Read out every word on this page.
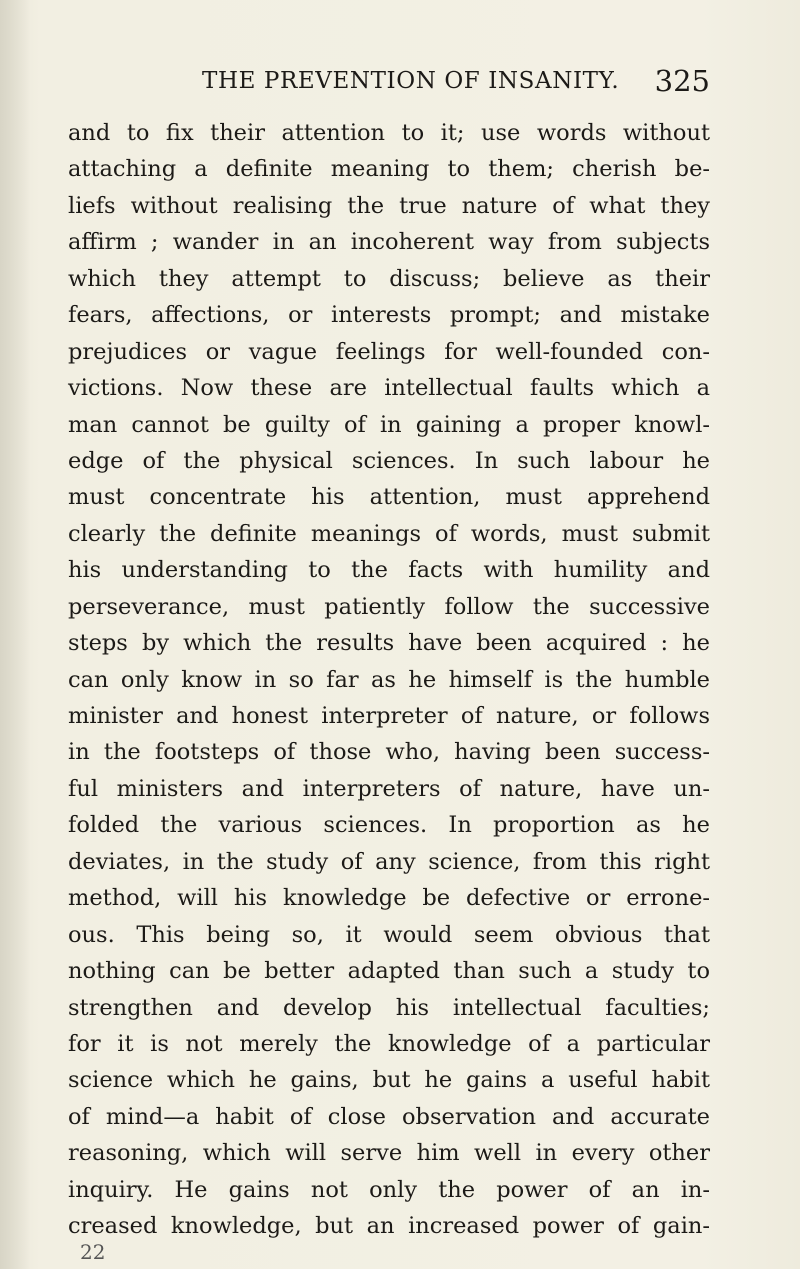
THE PREVENTION OF INSANITY. 325
and to fix their attention to it; use words without
attaching a definite meaning to them; cherish be-
liefs without realising the true nature of what they
affirm ; wander in an incoherent way from subjects
which they attempt to discuss; believe as their
fears, affections, or interests prompt; and mistake
prejudices or vague feelings for well-founded con-
victions. Now these are intellectual faults which a
man cannot be guilty of in gaining a proper knowl-
edge of the physical sciences. In such labour he
must concentrate his attention, must apprehend
clearly the definite meanings of words, must submit
his understanding to the facts with humility and
perseverance, must patiently follow the successive
steps by which the results have been acquired : he
can only know in so far as he himself is the humble
minister and honest interpreter of nature, or follows
in the footsteps of those who, having been success-
ful ministers and interpreters of nature, have un-
folded the various sciences. In proportion as he
deviates, in the study of any science, from this right
method, will his knowledge be defective or errone-
ous. This being so, it would seem obvious that
nothing can be better adapted than such a study to
strengthen and develop his intellectual faculties;
for it is not merely the knowledge of a particular
science which he gains, but he gains a useful habit
of mind—a habit of close observation and accurate
reasoning, which will serve him well in every other
inquiry. He gains not only the power of an in-
creased knowledge, but an increased power of gain-
22
